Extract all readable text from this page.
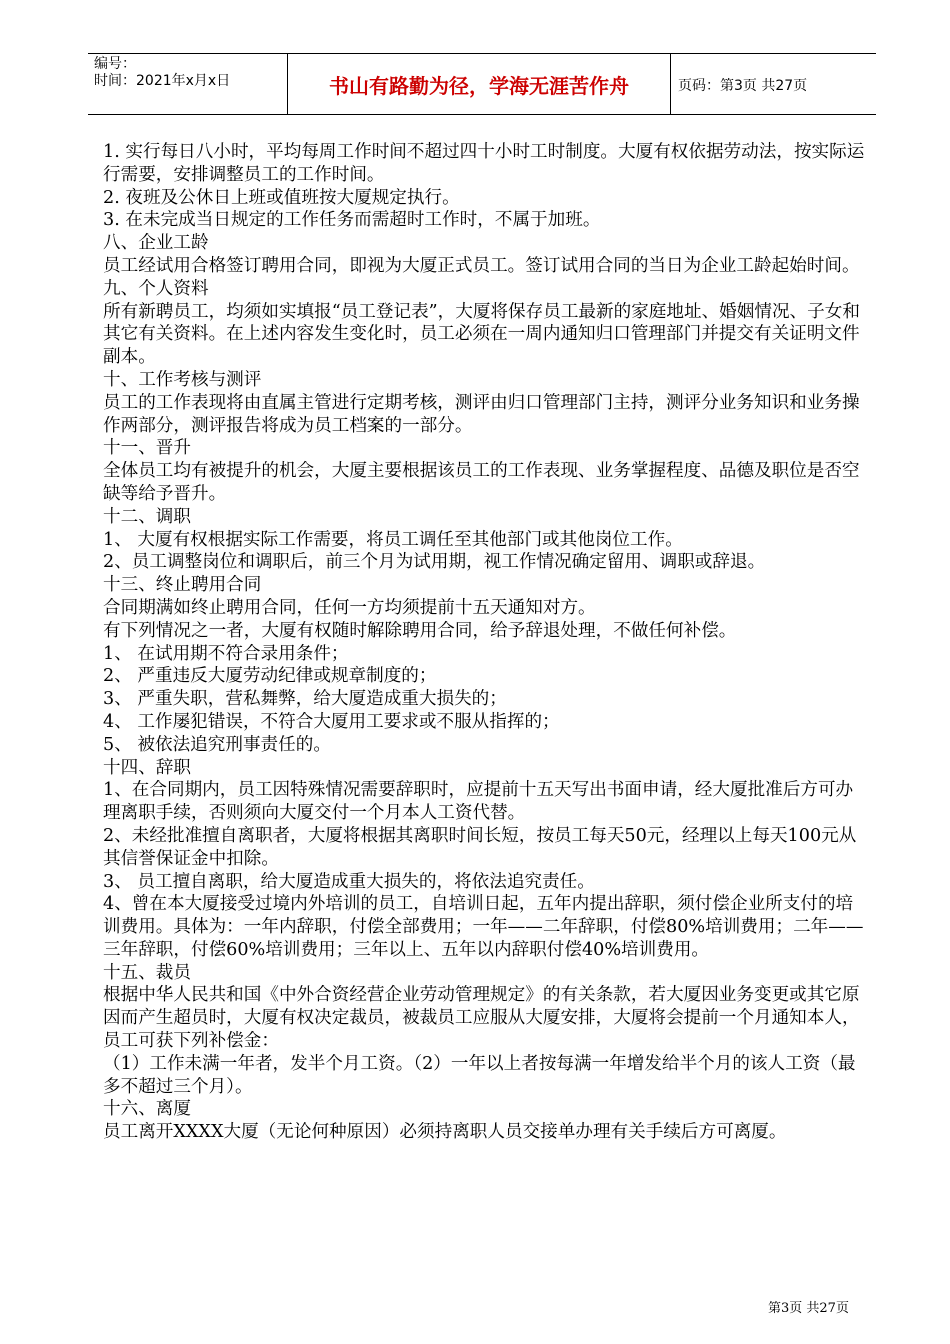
编号：
时间：2021年x月x日	书山有路勤为径，学海无涯苦作舟	页码：第3页 共27页

1. 实行每日八小时，平均每周工作时间不超过四十小时工时制度。大厦有权依据劳动法，按实际运行需要，安排调整员工的工作时间。

2. 夜班及公休日上班或值班按大厦规定执行。

3. 在未完成当日规定的工作任务而需超时工作时，不属于加班。

八、企业工龄

员工经试用合格签订聘用合同，即视为大厦正式员工。签订试用合同的当日为企业工龄起始时间。

九、个人资料

所有新聘员工，均须如实填报“员工登记表”，大厦将保存员工最新的家庭地址、婚姻情况、子女和其它有关资料。在上述内容发生变化时，员工必须在一周内通知归口管理部门并提交有关证明文件副本。

十、工作考核与测评

员工的工作表现将由直属主管进行定期考核，测评由归口管理部门主持，测评分业务知识和业务操作两部分，测评报告将成为员工档案的一部分。

十一、晋升

全体员工均有被提升的机会，大厦主要根据该员工的工作表现、业务掌握程度、品德及职位是否空缺等给予晋升。

十二、调职

1、 大厦有权根据实际工作需要，将员工调任至其他部门或其他岗位工作。

2、员工调整岗位和调职后，前三个月为试用期，视工作情况确定留用、调职或辞退。

十三、终止聘用合同

合同期满如终止聘用合同，任何一方均须提前十五天通知对方。

有下列情况之一者，大厦有权随时解除聘用合同，给予辞退处理，不做任何补偿。

1、 在试用期不符合录用条件；

2、 严重违反大厦劳动纪律或规章制度的；

3、 严重失职，营私舞弊，给大厦造成重大损失的；

4、 工作屡犯错误，不符合大厦用工要求或不服从指挥的；

5、 被依法追究刑事责任的。

十四、辞职

1、在合同期内，员工因特殊情况需要辞职时，应提前十五天写出书面申请，经大厦批准后方可办理离职手续，否则须向大厦交付一个月本人工资代替。

2、未经批准擅自离职者，大厦将根据其离职时间长短，按员工每天50元，经理以上每天100元从其信誉保证金中扣除。

3、 员工擅自离职，给大厦造成重大损失的，将依法追究责任。

4、曾在本大厦接受过境内外培训的员工，自培训日起，五年内提出辞职，须付偿企业所支付的培训费用。具体为：一年内辞职，付偿全部费用；一年——二年辞职，付偿80%培训费用；二年——三年辞职，付偿60%培训费用；三年以上、五年以内辞职付偿40%培训费用。

十五、裁员

根据中华人民共和国《中外合资经营企业劳动管理规定》的有关条款，若大厦因业务变更或其它原因而产生超员时，大厦有权决定裁员，被裁员工应服从大厦安排，大厦将会提前一个月通知本人，员工可获下列补偿金：

（1）工作未满一年者，发半个月工资。（2）一年以上者按每满一年增发给半个月的该人工资（最多不超过三个月）。

十六、离厦

员工离开XXXX大厦（无论何种原因）必须持离职人员交接单办理有关手续后方可离厦。

第3页 共27页
